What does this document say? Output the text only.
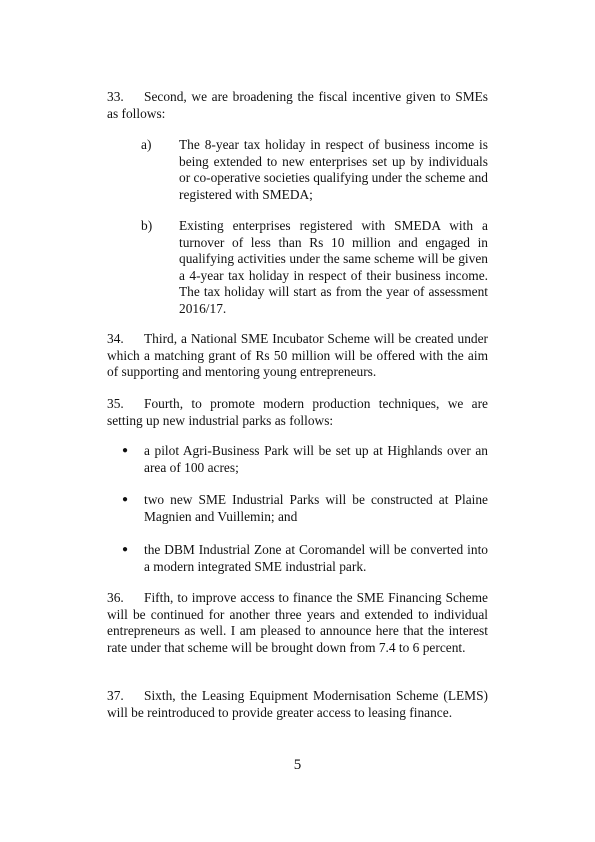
33. Second, we are broadening the fiscal incentive given to SMEs as follows:

a)	The 8-year tax holiday in respect of business income is being extended to new enterprises set up by individuals or co-operative societies qualifying under the scheme and registered with SMEDA;
b)	Existing enterprises registered with SMEDA with a turnover of less than Rs 10 million and engaged in qualifying activities under the same scheme will be given a 4-year tax holiday in respect of their business income. The tax holiday will start as from the year of assessment 2016/17.

34. Third, a National SME Incubator Scheme will be created under which a matching grant of Rs 50 million will be offered with the aim of supporting and mentoring young entrepreneurs.

35. Fourth, to promote modern production techniques, we are setting up new industrial parks as follows:

●	a pilot Agri-Business Park will be set up at Highlands over an area of 100 acres;
●	two new SME Industrial Parks will be constructed at Plaine Magnien and Vuillemin; and
●	the DBM Industrial Zone at Coromandel will be converted into a modern integrated SME industrial park.

36. Fifth, to improve access to finance the SME Financing Scheme will be continued for another three years and extended to individual entrepreneurs as well. I am pleased to announce here that the interest rate under that scheme will be brought down from 7.4 to 6 percent.

37. Sixth, the Leasing Equipment Modernisation Scheme (LEMS) will be reintroduced to provide greater access to leasing finance.

5
